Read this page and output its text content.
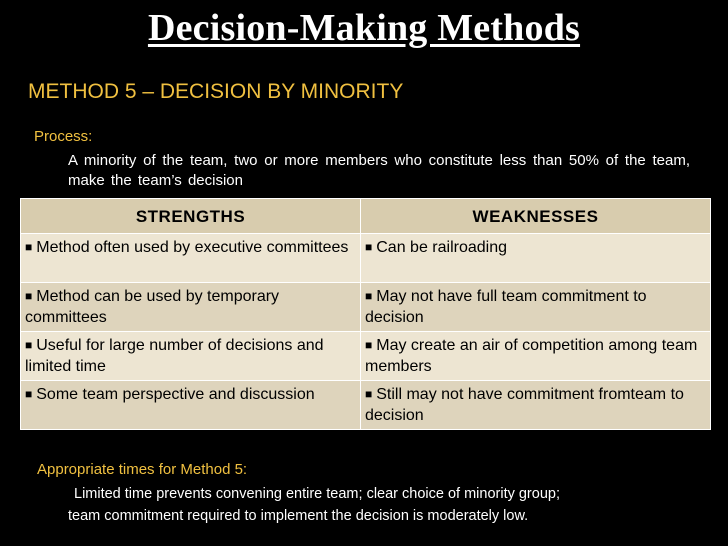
Decision-Making Methods
METHOD 5 – DECISION BY MINORITY
Process:
A minority of the team, two or more members who constitute less than 50% of the team, make the team’s decision
STRENGTHS	WEAKNESSES

■ Method often used by executive committees	■ Can be railroading

■ Method can be used by temporary committees	■ May not have full team commitment to decision

■ Useful for large number of decisions and limited time	■ May create an air of competition among team members

■ Some team perspective and discussion	■ Still may not have commitment fromteam to decision
Appropriate times for Method 5:
Limited time prevents convening entire team; clear choice of minority group;
team commitment required to implement the decision is moderately low.
